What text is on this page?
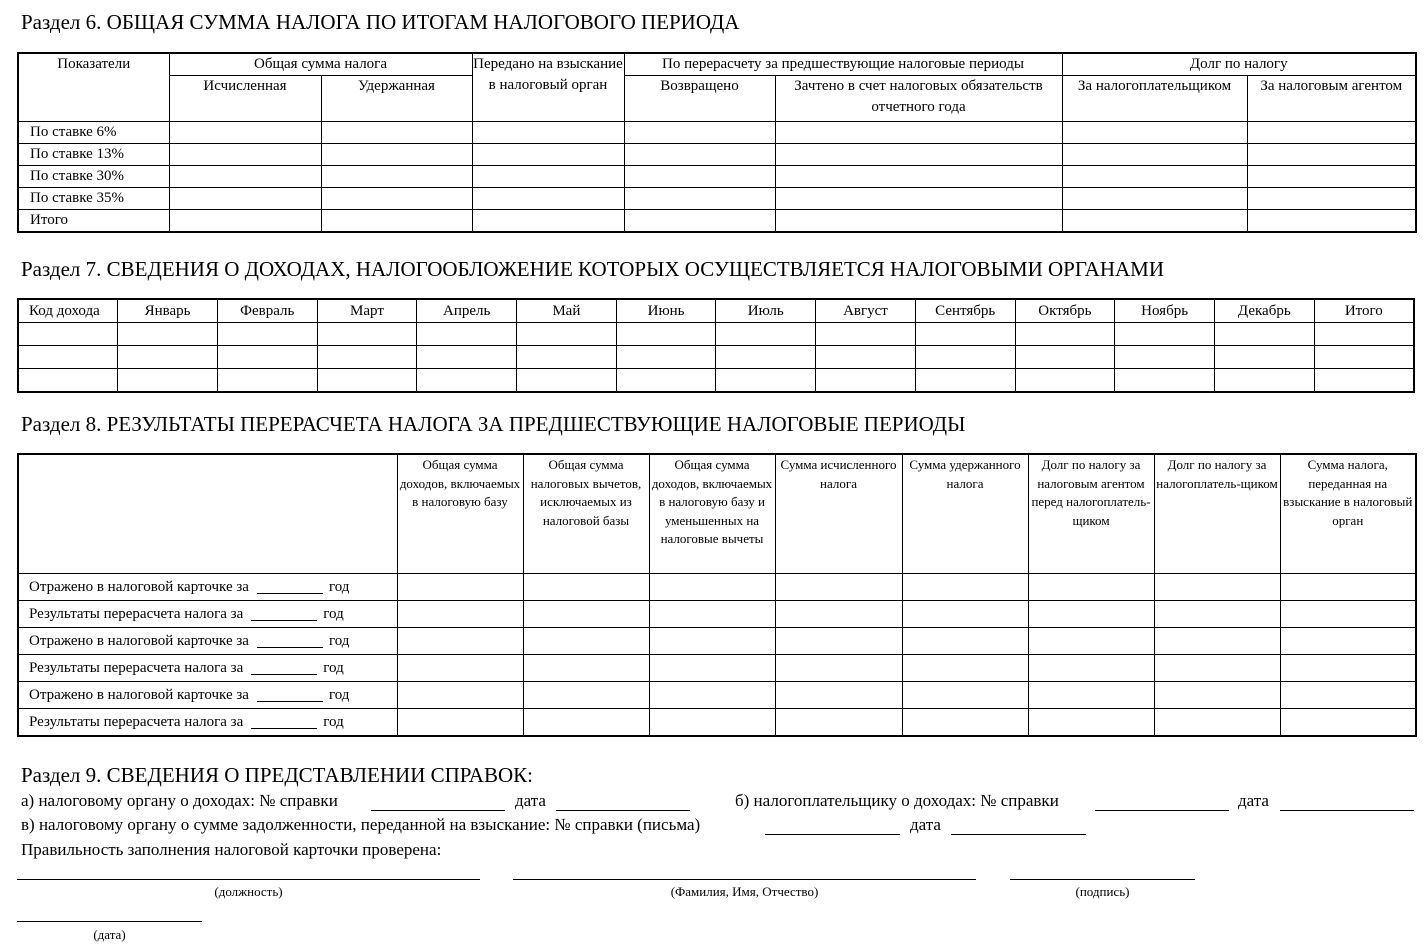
Раздел 6. ОБЩАЯ СУММА НАЛОГА ПО ИТОГАМ НАЛОГОВОГО ПЕРИОДА
Показатели	Общая сумма налога		Передано на взыскание в налоговый орган	По перерасчету за предшествующие налоговые периоды		Долг по налогу	
	Исчисленная	Удержанная		Возвращено	Зачтено в счет налоговых обязательств отчетного года	За налогоплательщиком	За налоговым агентом
По ставке 6%							
По ставке 13%							
По ставке 30%							
По ставке 35%							
Итого							
Раздел 7. СВЕДЕНИЯ О ДОХОДАХ, НАЛОГООБЛОЖЕНИЕ КОТОРЫХ ОСУЩЕСТВЛЯЕТСЯ НАЛОГОВЫМИ ОРГАНАМИ
Код дохода	Январь	Февраль	Март	Апрель	Май	Июнь	Июль	Август	Сентябрь	Октябрь	Ноябрь	Декабрь	Итого

Раздел 8. РЕЗУЛЬТАТЫ ПЕРЕРАСЧЕТА НАЛОГА ЗА ПРЕДШЕСТВУЮЩИЕ НАЛОГОВЫЕ ПЕРИОДЫ
	Общая сумма доходов, включаемых в налоговую базу	Общая сумма налоговых вычетов, исключаемых из налоговой базы	Общая сумма доходов, включаемых в налоговую базу и уменьшенных на налоговые вычеты	Сумма исчисленного налога	Сумма удержанного налога	Долг по налогу за налоговым агентом перед налогоплатель-щиком	Долг по налогу за налогоплатель-щиком	Сумма налога, переданная на взыскание в налоговый орган
Отражено в налоговой карточке за год								
Результаты перерасчета налога за год								
Отражено в налоговой карточке за год								
Результаты перерасчета налога за год								
Отражено в налоговой карточке за год								
Результаты перерасчета налога за год								
Раздел 9. СВЕДЕНИЯ О ПРЕДСТАВЛЕНИИ СПРАВОК:
а) налоговому органу о доходах: № справки	дата	б) налогоплательщику о доходах: № справки	дата
в) налоговому органу о сумме задолженности, переданной на взыскание: № справки (письма)	дата
Правильность заполнения налоговой карточки проверена:
(должность)	(Фамилия, Имя, Отчество)	(подпись)
(дата)
